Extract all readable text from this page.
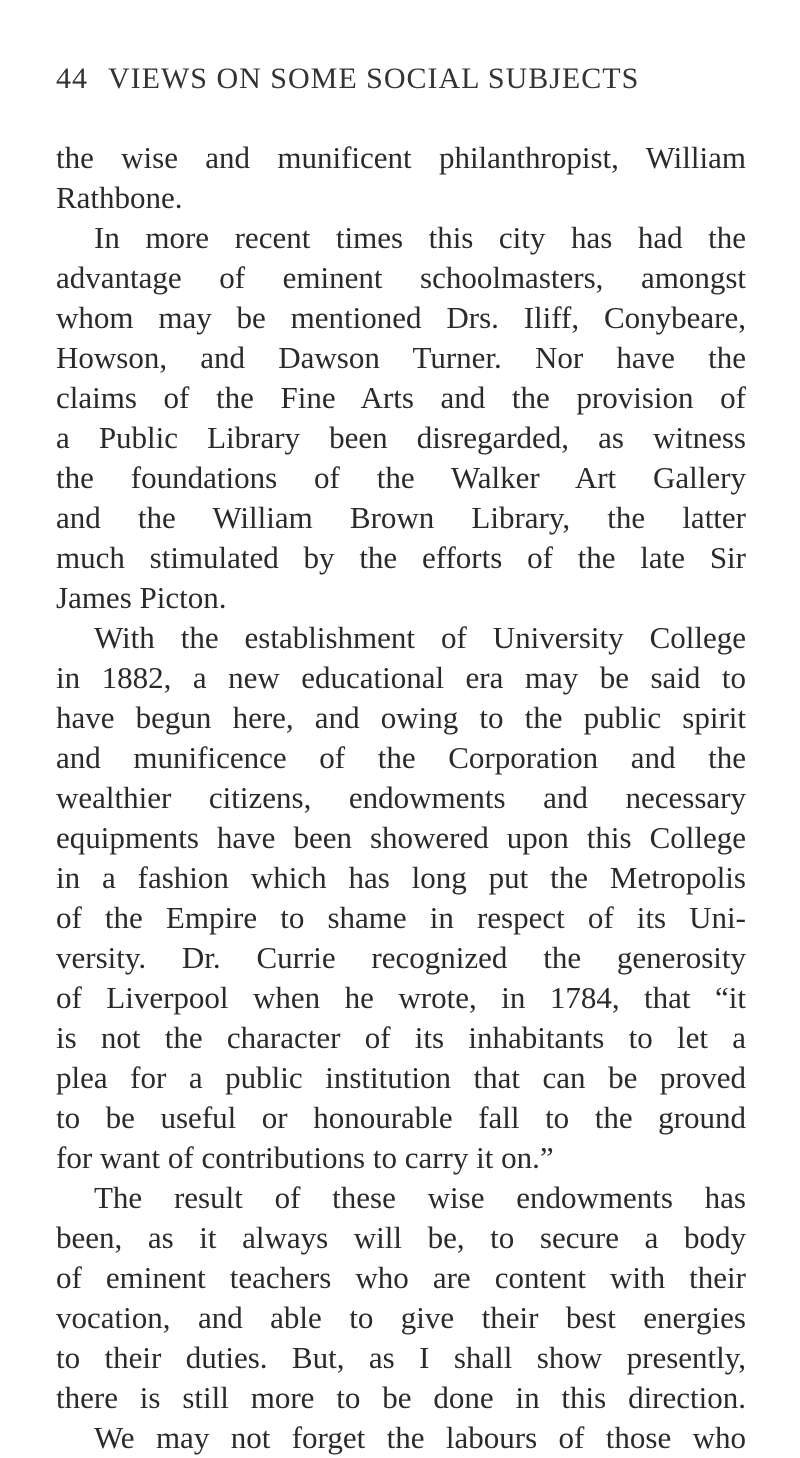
44 VIEWS ON SOME SOCIAL SUBJECTS
the wise and munificent philanthropist, William
Rathbone.
In more recent times this city has had the
advantage of eminent schoolmasters, amongst
whom may be mentioned Drs. Iliff, Conybeare,
Howson, and Dawson Turner. Nor have the
claims of the Fine Arts and the provision of
a Public Library been disregarded, as witness
the foundations of the Walker Art Gallery
and the William Brown Library, the latter
much stimulated by the efforts of the late Sir
James Picton.
With the establishment of University College
in 1882, a new educational era may be said to
have begun here, and owing to the public spirit
and munificence of the Corporation and the
wealthier citizens, endowments and necessary
equipments have been showered upon this College
in a fashion which has long put the Metropolis
of the Empire to shame in respect of its Uni-
versity. Dr. Currie recognized the generosity
of Liverpool when he wrote, in 1784, that “it
is not the character of its inhabitants to let a
plea for a public institution that can be proved
to be useful or honourable fall to the ground
for want of contributions to carry it on.”
The result of these wise endowments has
been, as it always will be, to secure a body
of eminent teachers who are content with their
vocation, and able to give their best energies
to their duties. But, as I shall show presently,
there is still more to be done in this direction.
We may not forget the labours of those who
